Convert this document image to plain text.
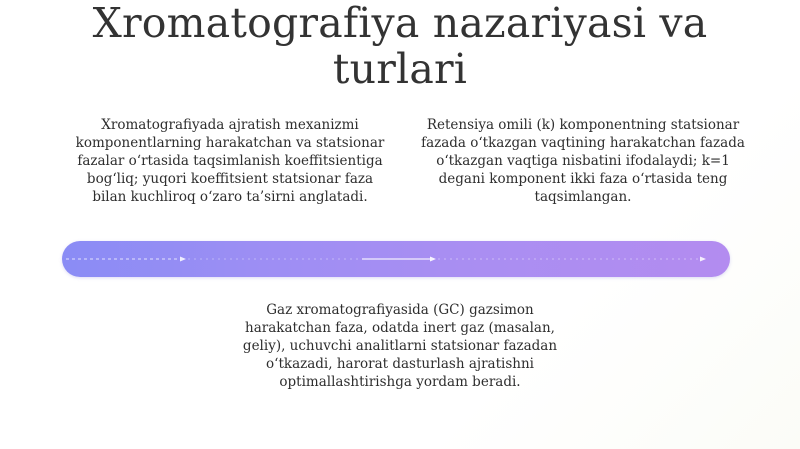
Xromatografiya nazariyasi va turlari
Xromatografiyada ajratish mexanizmi komponentlarning harakatchan va statsionar fazalar o‘rtasida taqsimlanish koeffitsientiga bog‘liq; yuqori koeffitsient statsionar faza bilan kuchliroq o‘zaro ta’sirni anglatadi.
Retensiya omili (k) komponentning statsionar fazada o‘tkazgan vaqtining harakatchan fazada o‘tkazgan vaqtiga nisbatini ifodalaydi; k=1 degani komponent ikki faza o‘rtasida teng taqsimlangan.
Gaz xromatografiyasida (GC) gazsimon harakatchan faza, odatda inert gaz (masalan, geliy), uchuvchi analitlarni statsionar fazadan o‘tkazadi, harorat dasturlash ajratishni optimallashtirishga yordam beradi.
